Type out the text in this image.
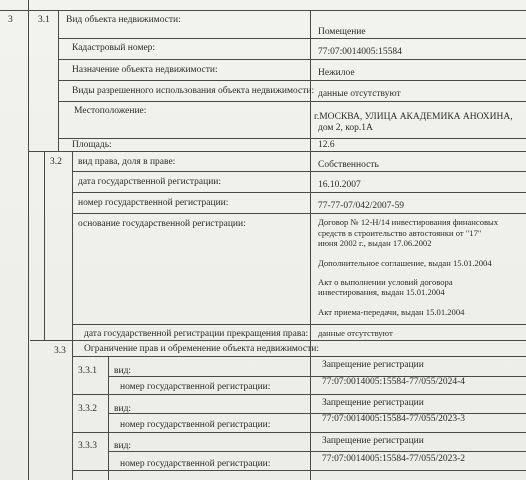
3	3.1 Вид объекта недвижимости:
Помещение
Кадастровый номер:	77:07:0014005:15584
Назначение объекта недвижимости:	Нежилое
Виды разрешенного использования объекта недвижимости: данные отсутствуют
Местоположение:
г.МОСКВА, УЛИЦА АКАДЕМИКА АНОХИНА,
дом 2, кор.1А
Площадь:	12.6
3.2 вид права, доля в праве:	Собственность
дата государственной регистрации:	16.10.2007
номер государственной регистрации:	77-77-07/042/2007-59
основание государственной регистрации:	Договор № 12-Н/14 инвестирования финансовых
средств в строительство автостоянки от "17"
июня 2002 г., выдан 17.06.2002
Дополнительное соглашение, выдан 15.01.2004
Акт о выполнении условий договора
инвестирования, выдан 15.01.2004
Акт приема-передачи, выдан 15.01.2004
дата государственной регистрации прекращения права: данные отсутствуют
3.3 Ограничение прав и обременение объекта недвижимости:
3.3.1 вид:
Запрещение регистрации
номер государственной регистрации:	77:07:0014005:15584-77/055/2024-4
3.3.2 вид:
Запрещение регистрации
номер государственной регистрации:
77:07:0014005:15584-77/055/2023-3
3.3.3 вид:	Запрещение регистрации
номер государственной регистрации:	77:07:0014005:15584-77/055/2023-2
